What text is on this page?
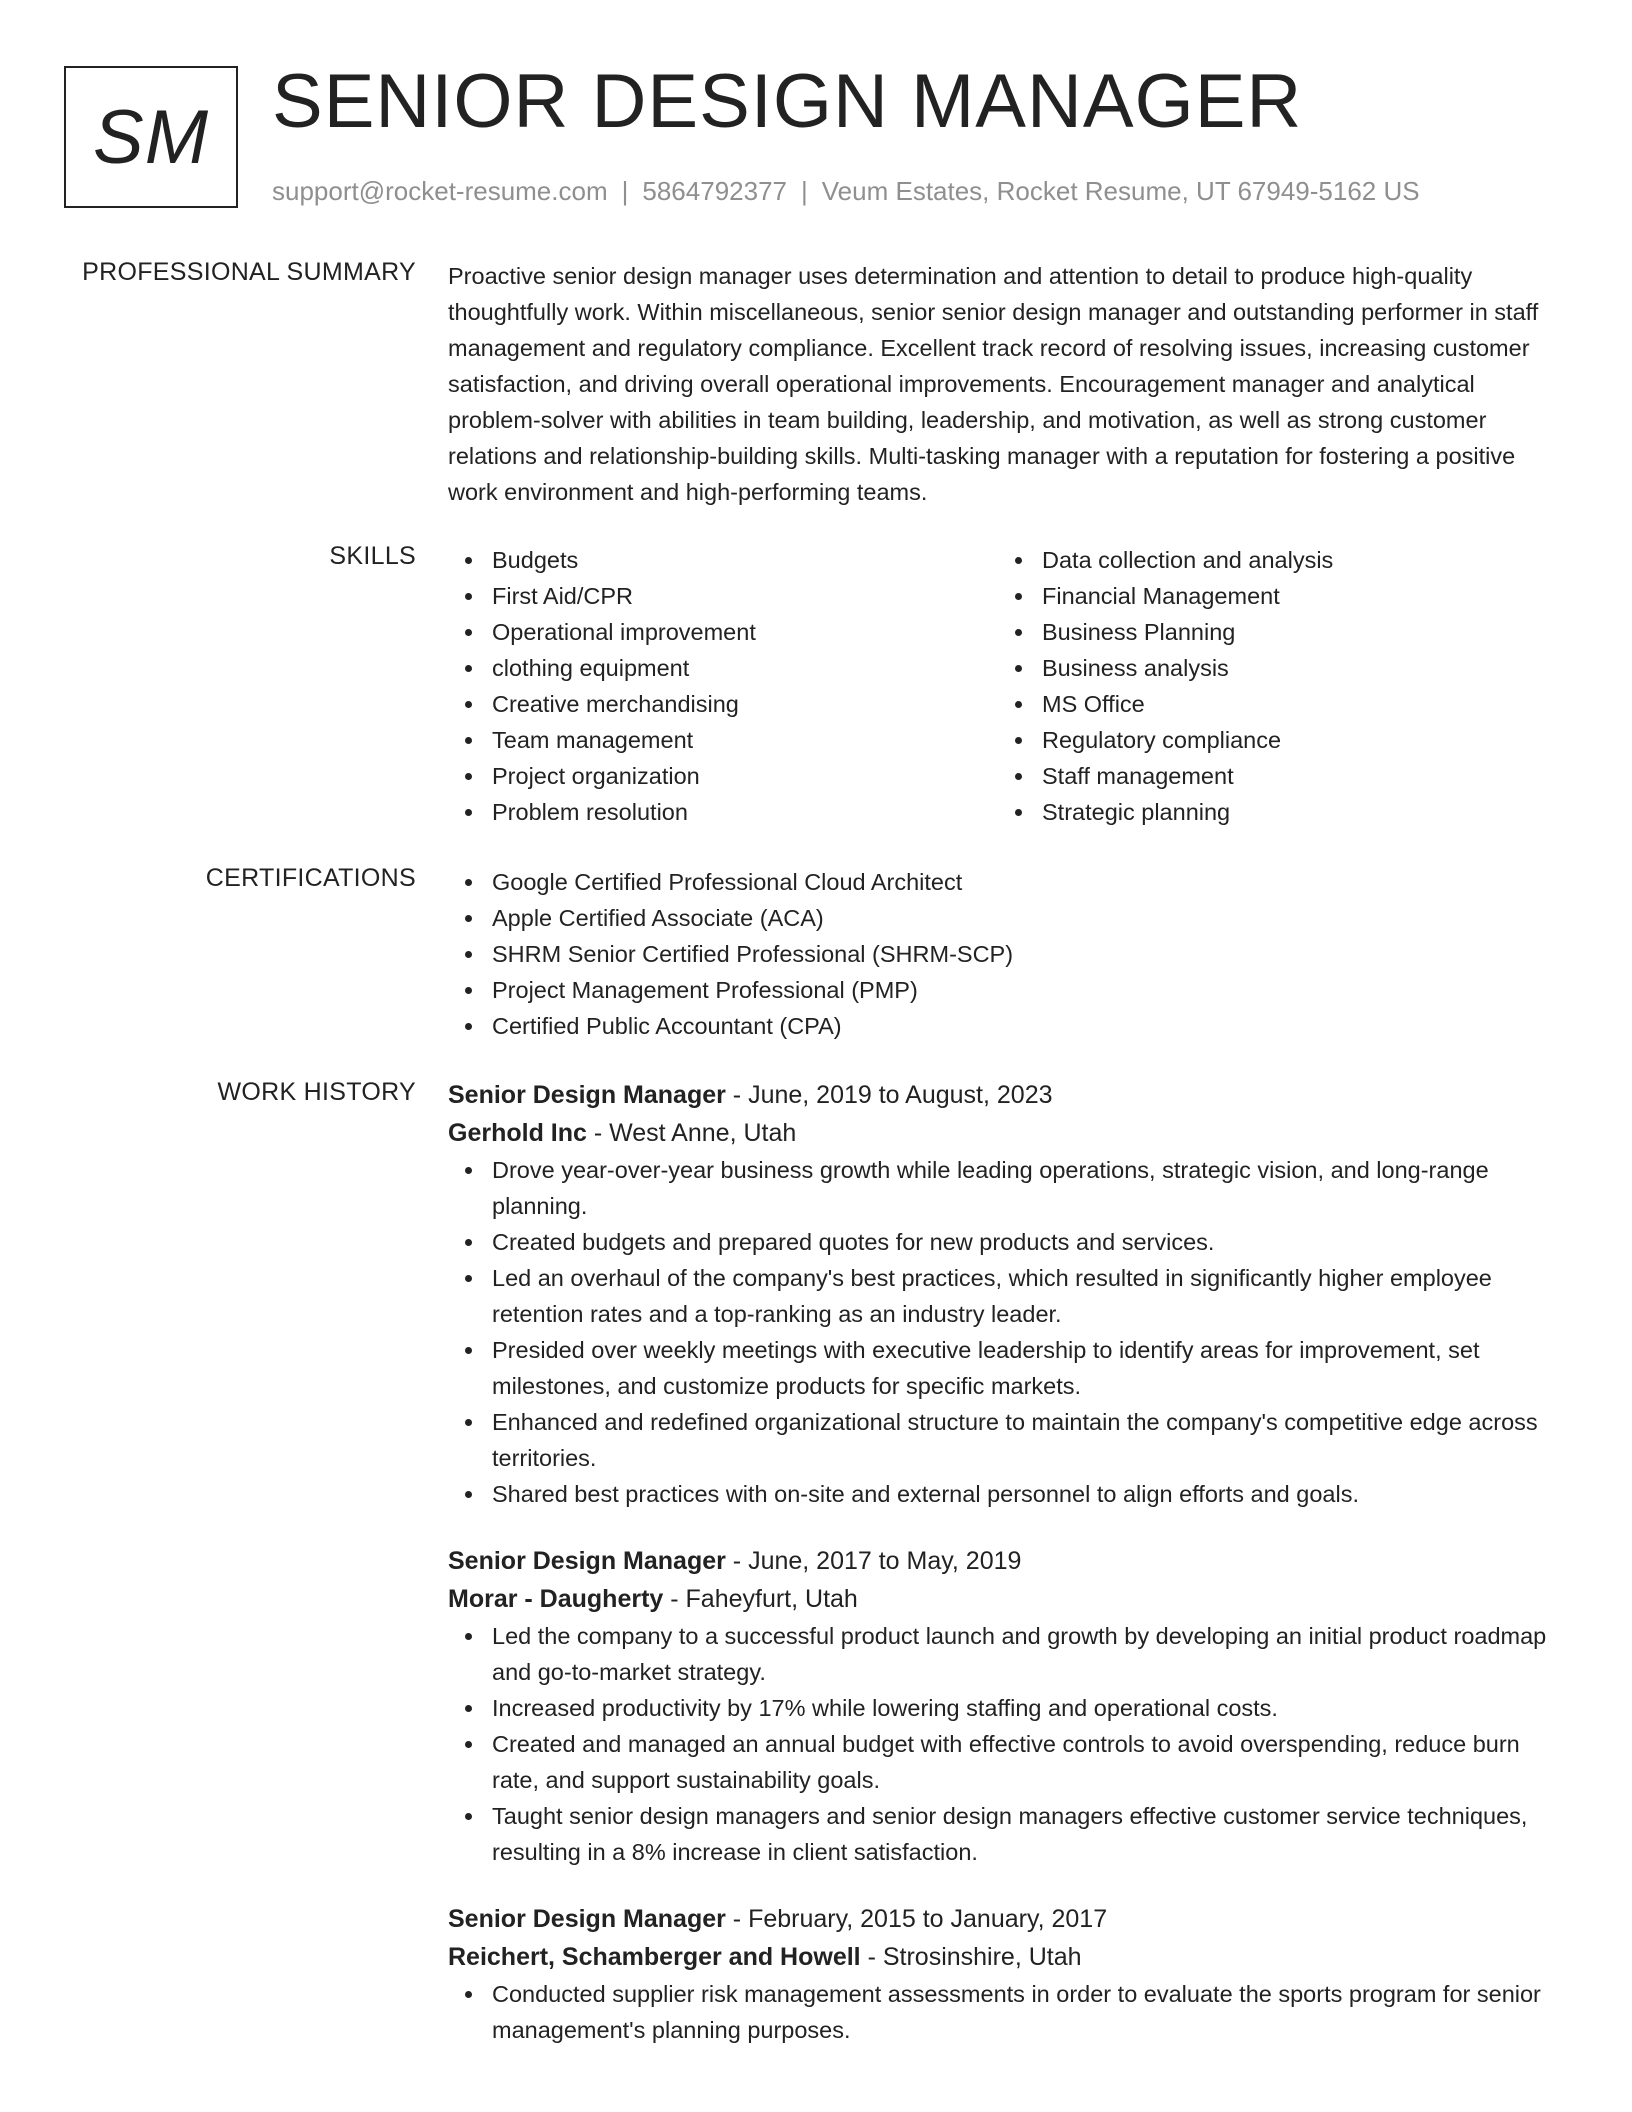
SM SENIOR DESIGN MANAGER
support@rocket-resume.com | 5864792377 | Veum Estates, Rocket Resume, UT 67949-5162 US
PROFESSIONAL SUMMARY Proactive senior design manager uses determination and attention to detail to produce high-quality thoughtfully work. Within miscellaneous, senior senior design manager and outstanding performer in staff management and regulatory compliance. Excellent track record of resolving issues, increasing customer satisfaction, and driving overall operational improvements. Encouragement manager and analytical problem-solver with abilities in team building, leadership, and motivation, as well as strong customer relations and relationship-building skills. Multi-tasking manager with a reputation for fostering a positive work environment and high-performing teams.
SKILLS	Budgets
First Aid/CPR
Operational improvement
clothing equipment
Creative merchandising
Team management
Project organization
Problem resolution
Data collection and analysis
Financial Management
Business Planning
Business analysis
MS Office
Regulatory compliance
Staff management
Strategic planning
CERTIFICATIONS	Google Certified Professional Cloud Architect
Apple Certified Associate (ACA)
SHRM Senior Certified Professional (SHRM-SCP)
Project Management Professional (PMP)
Certified Public Accountant (CPA)
WORK HISTORY Senior Design Manager - June, 2019 to August, 2023
Gerhold Inc - West Anne, Utah
Drove year-over-year business growth while leading operations, strategic vision, and long-range planning.
Created budgets and prepared quotes for new products and services.
Led an overhaul of the company's best practices, which resulted in significantly higher employee retention rates and a top-ranking as an industry leader.
Presided over weekly meetings with executive leadership to identify areas for improvement, set milestones, and customize products for specific markets.
Enhanced and redefined organizational structure to maintain the company's competitive edge across territories.
Shared best practices with on-site and external personnel to align efforts and goals.
Senior Design Manager - June, 2017 to May, 2019
Morar - Daugherty - Faheyfurt, Utah
Led the company to a successful product launch and growth by developing an initial product roadmap and go-to-market strategy.
Increased productivity by 17% while lowering staffing and operational costs.
Created and managed an annual budget with effective controls to avoid overspending, reduce burn rate, and support sustainability goals.
Taught senior design managers and senior design managers effective customer service techniques, resulting in a 8% increase in client satisfaction.
Senior Design Manager - February, 2015 to January, 2017
Reichert, Schamberger and Howell - Strosinshire, Utah
Conducted supplier risk management assessments in order to evaluate the sports program for senior management's planning purposes.
